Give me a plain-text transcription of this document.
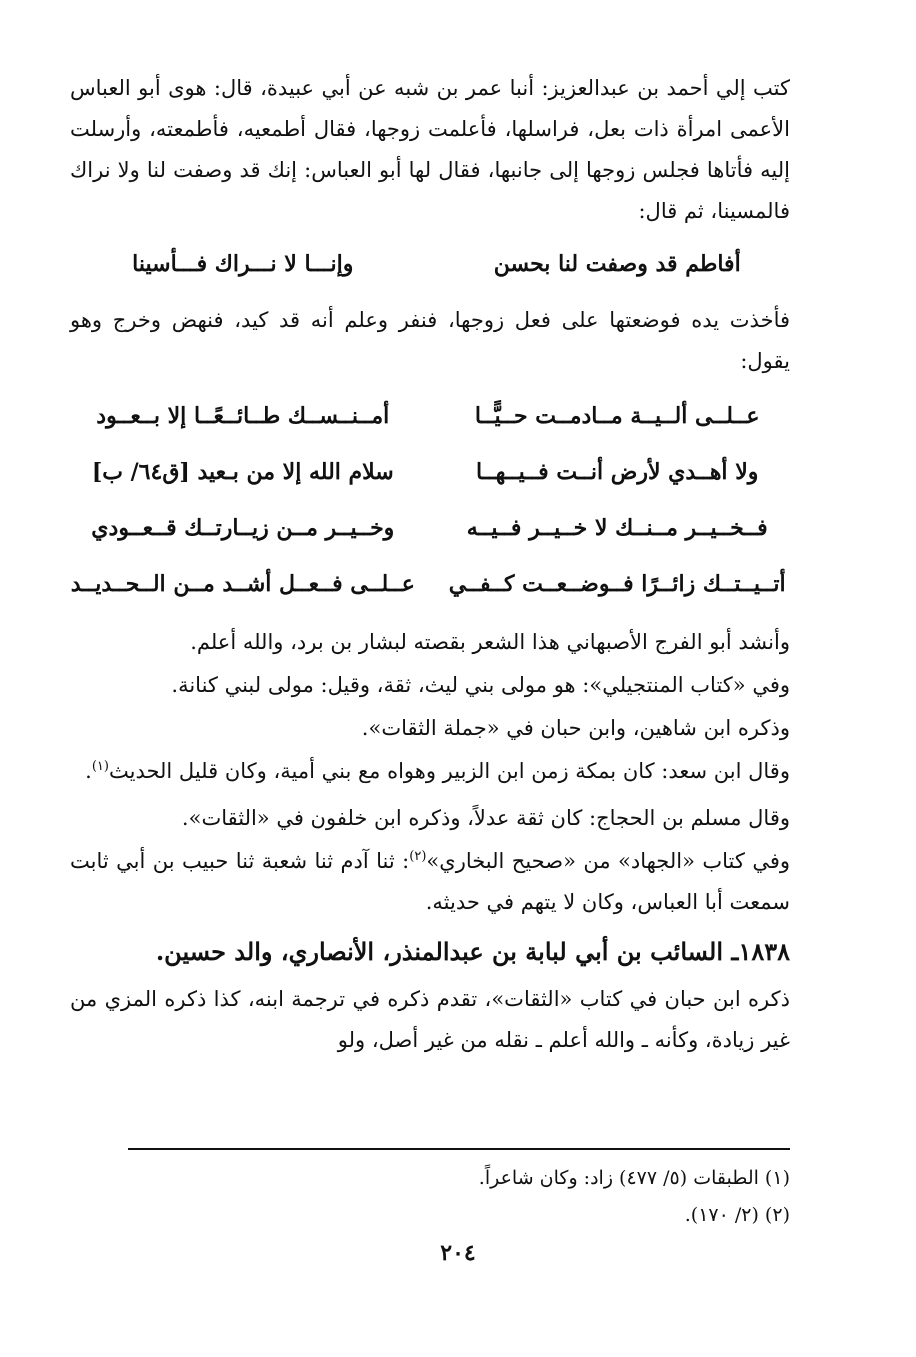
كتب إلي أحمد بن عبدالعزيز: أنبا عمر بن شبه عن أبي عبيدة، قال: هوى أبو العباس الأعمى امرأة ذات بعل، فراسلها، فأعلمت زوجها، فقال أطمعيه، فأطمعته، وأرسلت إليه فأتاها فجلس زوجها إلى جانبها، فقال لها أبو العباس: إنك قد وصفت لنا ولا نراك فالمسينا، ثم قال:

أفاطم قد وصفت لنا بحسن
وإنـــا لا نـــراك فـــأسينا

فأخذت يده فوضعتها على فعل زوجها، فنفر وعلم أنه قد كيد، فنهض وخرج وهو يقول:

عــلــى ألــيــة مــادمــت حــيًّــا
أمــنــســك طــائــعًــا إلا بــعــود
ولا أهــدي لأرض أنــت فــيــهــا
سلام الله إلا من بـعيد [ق٦٤/ ب]
فــخــيــر مــنــك لا خــيــر فــيــه
وخــيــر مــن زيــارتــك قــعــودي
أتــيــتــك زائــرًا فــوضــعــت كــفــي
عــلــى فــعــل أشــد مــن الــحــديــد

وأنشد أبو الفرج الأصبهاني هذا الشعر بقصته لبشار بن برد، والله أعلم.

وفي «كتاب المنتجيلي»: هو مولى بني ليث، ثقة، وقيل: مولى لبني كنانة.

وذكره ابن شاهين، وابن حبان في «جملة الثقات».

وقال ابن سعد: كان بمكة زمن ابن الزبير وهواه مع بني أمية، وكان قليل الحديث$^{(١)}$.

وقال مسلم بن الحجاج: كان ثقة عدلاً، وذكره ابن خلفون في «الثقات».

وفي كتاب «الجهاد» من «صحيح البخاري»$^{(٢)}$: ثنا آدم ثنا شعبة ثنا حبيب بن أبي ثابت سمعت أبا العباس، وكان لا يتهم في حديثه.

١٨٣٨ـ السائب بن أبي لبابة بن عبدالمنذر، الأنصاري، والد حسين.

ذكره ابن حبان في كتاب «الثقات»، تقدم ذكره في ترجمة ابنه، كذا ذكره المزي من غير زيادة، وكأنه ـ والله أعلم ـ نقله من غير أصل، ولو

(١) الطبقات (٥/ ٤٧٧) زاد: وكان شاعراً.

(٢) (٢/ ١٧٠).

٢٠٤
